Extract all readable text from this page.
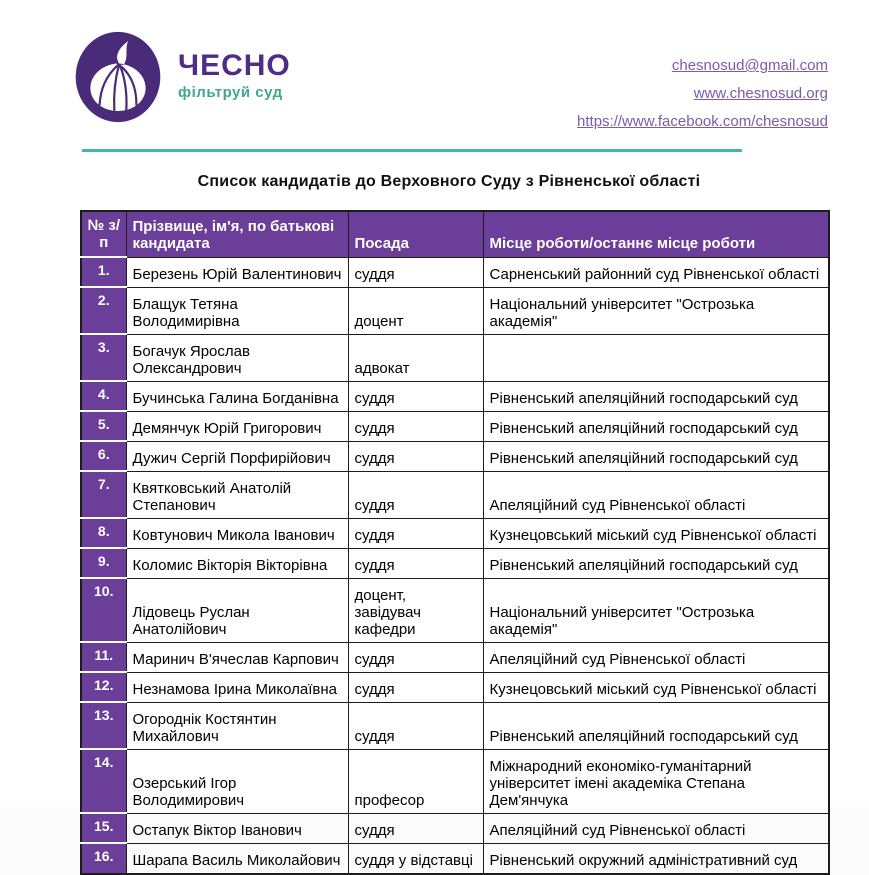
ЧЕСНО
фільтруй суд
chesnosud@gmail.com
www.chesnosud.org
https://www.facebook.com/chesnosud
Список кандидатів до Верховного Суду з Рівненської області
№ з/п	Прізвище, ім'я, по батькові кандидата	Посада	Місце роботи/останнє місце роботи
1.	Березень Юрій Валентинович	суддя	Сарненський районний суд Рівненської області
2.	Блащук Тетяна Володимирівна	доцент	Національний університет "Острозька академія"
3.	Богачук Ярослав Олександрович	адвокат	
4.	Бучинська Галина Богданівна	суддя	Рівненський апеляційний господарський суд
5.	Демянчук Юрій Григорович	суддя	Рівненський апеляційний господарський суд
6.	Дужич Сергій Порфирійович	суддя	Рівненський апеляційний господарський суд
7.	Квятковський Анатолій Степанович	суддя	Апеляційний суд Рівненської області
8.	Ковтунович Микола Іванович	суддя	Кузнецовський міський суд Рівненської області
9.	Коломис Вікторія Вікторівна	суддя	Рівненський апеляційний господарський суд
10.	Лідовець Руслан Анатолійович	доцент, завідувач кафедри	Національний університет "Острозька академія"
11.	Маринич В'ячеслав Карпович	суддя	Апеляційний суд Рівненської області
12.	Незнамова Ірина Миколаївна	суддя	Кузнецовський міський суд Рівненської області
13.	Огороднік Костянтин Михайлович	суддя	Рівненський апеляційний господарський суд
14.	Озерський Ігор Володимирович	професор	Міжнародний економіко-гуманітарний університет імені академіка Степана Дем'янчука
15.	Остапук Віктор Іванович	суддя	Апеляційний суд Рівненської області
16.	Шарапа Василь Миколайович	суддя у відставці	Рівненський окружний адміністративний суд
